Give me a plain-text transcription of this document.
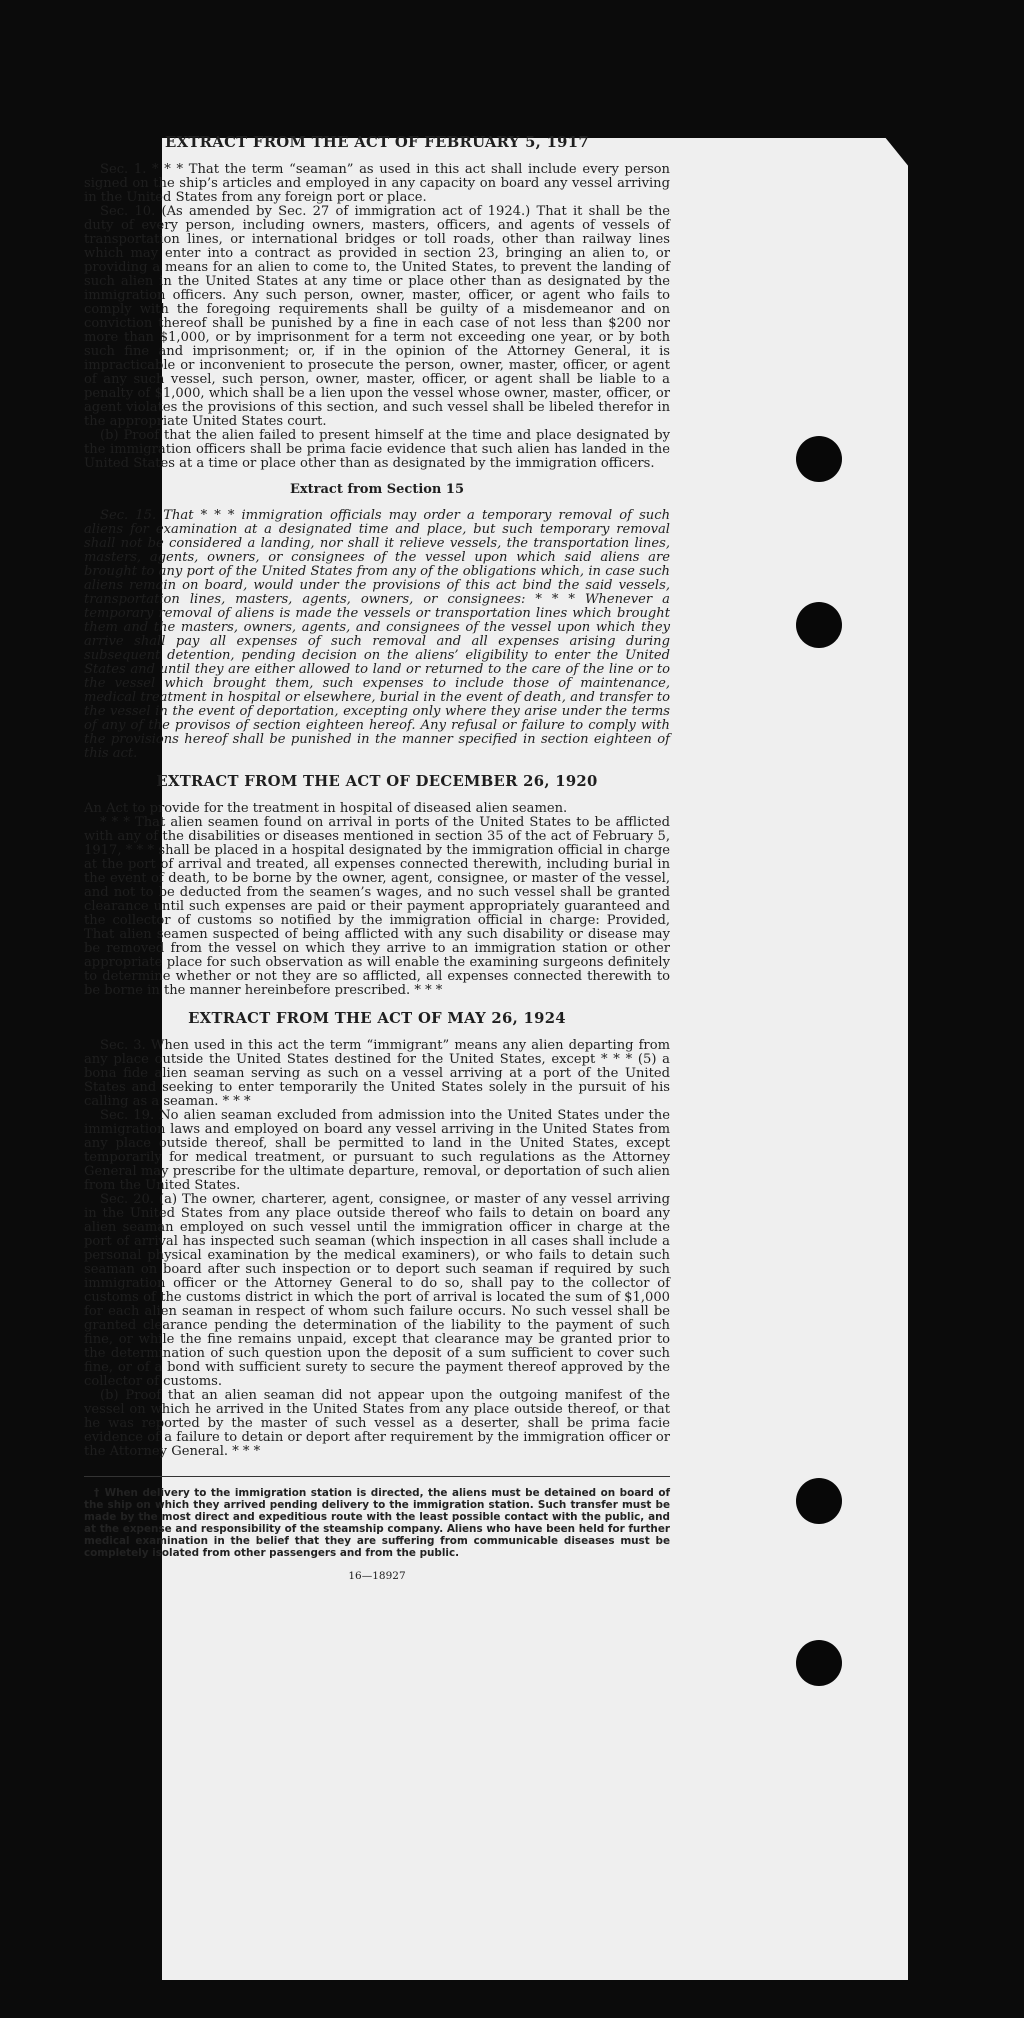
EXTRACT FROM THE ACT OF FEBRUARY 5, 1917

Sec. 1. * * * That the term “seaman” as used in this act shall include every person signed on the ship’s articles and employed in any capacity on board any vessel arriving in the United States from any foreign port or place.

Sec. 10. (As amended by Sec. 27 of immigration act of 1924.) That it shall be the duty of every person, including owners, masters, officers, and agents of vessels of transportation lines, or international bridges or toll roads, other than railway lines which may enter into a contract as provided in section 23, bringing an alien to, or providing a means for an alien to come to, the United States, to prevent the landing of such alien in the United States at any time or place other than as designated by the immigration officers. Any such person, owner, master, officer, or agent who fails to comply with the foregoing requirements shall be guilty of a misdemeanor and on conviction thereof shall be punished by a fine in each case of not less than $200 nor more than $1,000, or by imprisonment for a term not exceeding one year, or by both such fine and imprisonment; or, if in the opinion of the Attorney General, it is impracticable or inconvenient to prosecute the person, owner, master, officer, or agent of any such vessel, such person, owner, master, officer, or agent shall be liable to a penalty of $1,000, which shall be a lien upon the vessel whose owner, master, officer, or agent violates the provisions of this section, and such vessel shall be libeled therefor in the appropriate United States court.

(b) Proof that the alien failed to present himself at the time and place designated by the immigration officers shall be prima facie evidence that such alien has landed in the United States at a time or place other than as designated by the immigration officers.

Extract from Section 15

Sec. 15. That * * * immigration officials may order a temporary removal of such aliens for examination at a designated time and place, but such temporary removal shall not be considered a landing, nor shall it relieve vessels, the transportation lines, masters, agents, owners, or consignees of the vessel upon which said aliens are brought to any port of the United States from any of the obligations which, in case such aliens remain on board, would under the provisions of this act bind the said vessels, transportation lines, masters, agents, owners, or consignees: * * * Whenever a temporary removal of aliens is made the vessels or transportation lines which brought them and the masters, owners, agents, and consignees of the vessel upon which they arrive shall pay all expenses of such removal and all expenses arising during subsequent detention, pending decision on the aliens’ eligibility to enter the United States and until they are either allowed to land or returned to the care of the line or to the vessel which brought them, such expenses to include those of maintenance, medical treatment in hospital or elsewhere, burial in the event of death, and transfer to the vessel in the event of deportation, excepting only where they arise under the terms of any of the provisos of section eighteen hereof. Any refusal or failure to comply with the provisions hereof shall be punished in the manner specified in section eighteen of this act.

EXTRACT FROM THE ACT OF DECEMBER 26, 1920

An Act to provide for the treatment in hospital of diseased alien seamen.

* * * That alien seamen found on arrival in ports of the United States to be afflicted with any of the disabilities or diseases mentioned in section 35 of the act of February 5, 1917, * * * shall be placed in a hospital designated by the immigration official in charge at the port of arrival and treated, all expenses connected therewith, including burial in the event of death, to be borne by the owner, agent, consignee, or master of the vessel, and not to be deducted from the seamen’s wages, and no such vessel shall be granted clearance until such expenses are paid or their payment appropriately guaranteed and the collector of customs so notified by the immigration official in charge: Provided, That alien seamen suspected of being afflicted with any such disability or disease may be removed from the vessel on which they arrive to an immigration station or other appropriate place for such observation as will enable the examining surgeons definitely to determine whether or not they are so afflicted, all expenses connected therewith to be borne in the manner hereinbefore prescribed. * * *

EXTRACT FROM THE ACT OF MAY 26, 1924

Sec. 3. When used in this act the term “immigrant” means any alien departing from any place outside the United States destined for the United States, except * * * (5) a bona fide alien seaman serving as such on a vessel arriving at a port of the United States and seeking to enter temporarily the United States solely in the pursuit of his calling as a seaman. * * *

Sec. 19. No alien seaman excluded from admission into the United States under the immigration laws and employed on board any vessel arriving in the United States from any place outside thereof, shall be permitted to land in the United States, except temporarily for medical treatment, or pursuant to such regulations as the Attorney General may prescribe for the ultimate departure, removal, or deportation of such alien from the United States.

Sec. 20. (a) The owner, charterer, agent, consignee, or master of any vessel arriving in the United States from any place outside thereof who fails to detain on board any alien seaman employed on such vessel until the immigration officer in charge at the port of arrival has inspected such seaman (which inspection in all cases shall include a personal physical examination by the medical examiners), or who fails to detain such seaman on board after such inspection or to deport such seaman if required by such immigration officer or the Attorney General to do so, shall pay to the collector of customs of the customs district in which the port of arrival is located the sum of $1,000 for each alien seaman in respect of whom such failure occurs. No such vessel shall be granted clearance pending the determination of the liability to the payment of such fine, or while the fine remains unpaid, except that clearance may be granted prior to the determination of such question upon the deposit of a sum sufficient to cover such fine, or of a bond with sufficient surety to secure the payment thereof approved by the collector of customs.

(b) Proof that an alien seaman did not appear upon the outgoing manifest of the vessel on which he arrived in the United States from any place outside thereof, or that he was reported by the master of such vessel as a deserter, shall be prima facie evidence of a failure to detain or deport after requirement by the immigration officer or the Attorney General. * * *

† When delivery to the immigration station is directed, the aliens must be detained on board of the ship on which they arrived pending delivery to the immigration station. Such transfer must be made by the most direct and expeditious route with the least possible contact with the public, and at the expense and responsibility of the steamship company. Aliens who have been held for further medical examination in the belief that they are suffering from communicable diseases must be completely isolated from other passengers and from the public.

16—18927
